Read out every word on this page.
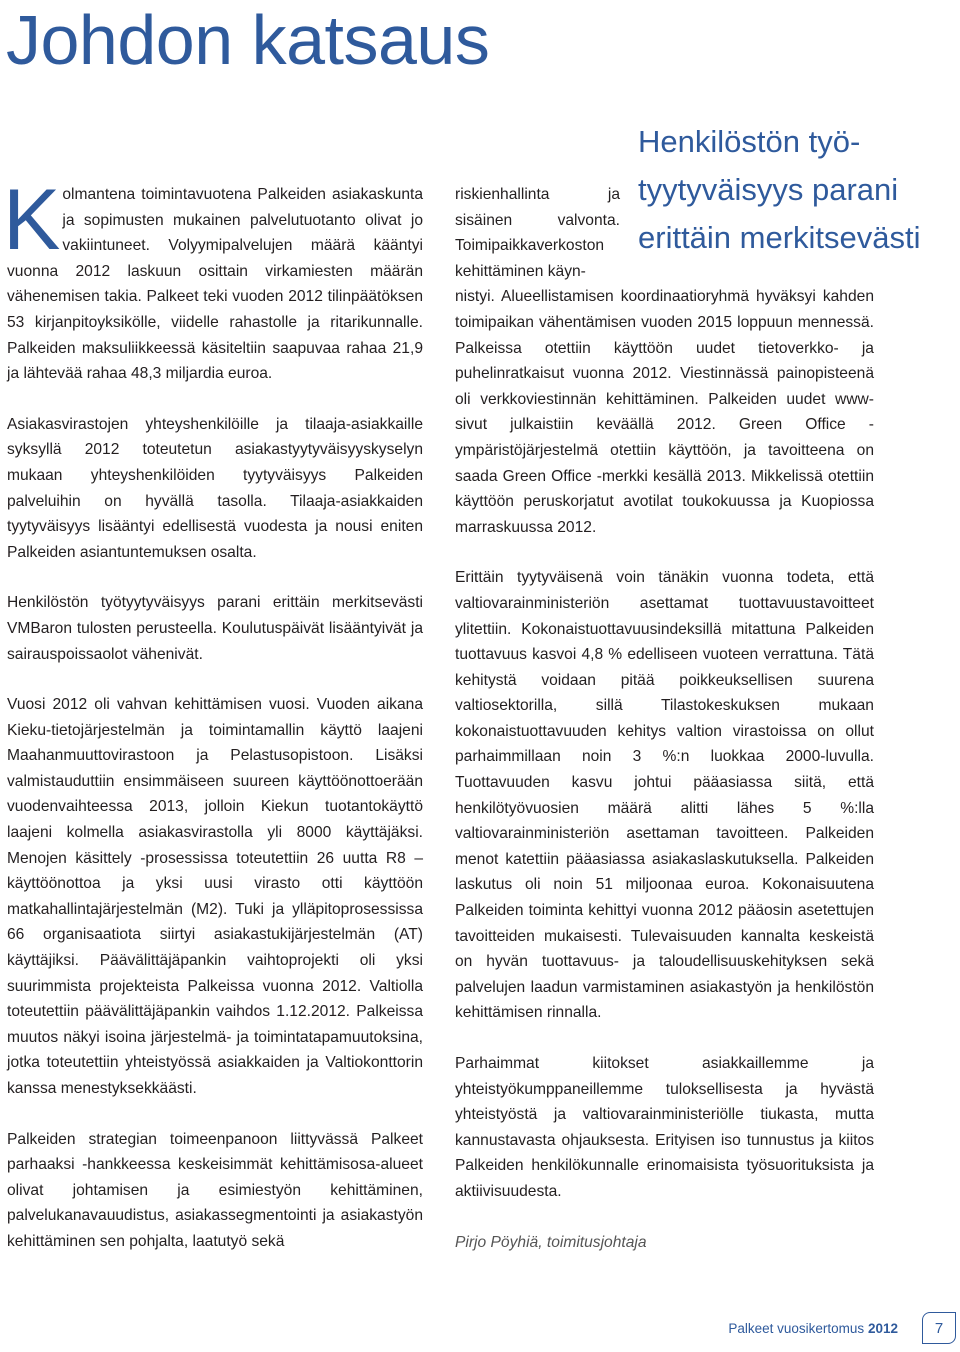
Johdon katsaus
Henkilöstön työ-
tyytyväisyys parani
erittäin merkitsevästi

Kolmantena toimintavuotena Palkeiden asiakaskunta ja sopimusten mukainen palvelutuotanto olivat jo vakiintuneet. Volyymipalvelujen määrä kääntyi vuonna 2012 laskuun osittain virkamiesten määrän vähenemisen takia. Palkeet teki vuoden 2012 tilinpäätöksen 53 kirjanpitoyksikölle, viidelle rahastolle ja ritarikunnalle. Palkeiden maksuliikkeessä käsiteltiin saapuvaa rahaa 21,9 ja lähtevää rahaa 48,3 miljardia euroa.

Asiakasvirastojen yhteyshenkilöille ja tilaaja-asiakkaille syksyllä 2012 toteutetun asiakastyytyväisyyskyselyn mukaan yhteyshenkilöiden tyytyväisyys Palkeiden palveluihin on hyvällä tasolla. Tilaaja-asiakkaiden tyytyväisyys lisääntyi edellisestä vuodesta ja nousi eniten Palkeiden asiantuntemuksen osalta.

Henkilöstön työtyytyväisyys parani erittäin merkitsevästi VMBaron tulosten perusteella. Koulutuspäivät lisääntyivät ja sairauspoissaolot vähenivät.

Vuosi 2012 oli vahvan kehittämisen vuosi. Vuoden aikana Kieku-tietojärjestelmän ja toimintamallin käyttö laajeni Maahanmuuttovirastoon ja Pelastusopistoon. Lisäksi valmistauduttiin ensimmäiseen suureen käyttöönottoerään vuodenvaihteessa 2013, jolloin Kiekun tuotantokäyttö laajeni kolmella asiakasvirastolla yli 8000 käyttäjäksi. Menojen käsittely -prosessissa toteutettiin 26 uutta R8 –käyttöönottoa ja yksi uusi virasto otti käyttöön matkahallintajärjestelmän (M2). Tuki ja ylläpitoprosessissa 66 organisaatiota siirtyi asiakastukijärjestelmän (AT) käyttäjiksi. Päävälittäjäpankin vaihtoprojekti oli yksi suurimmista projekteista Palkeissa vuonna 2012. Valtiolla toteutettiin päävälittäjäpankin vaihdos 1.12.2012. Palkeissa muutos näkyi isoina järjestelmä- ja toimintatapamuutoksina, jotka toteutettiin yhteistyössä asiakkaiden ja Valtiokonttorin kanssa menestyksekkäästi.

Palkeiden strategian toimeenpanoon liittyvässä Palkeet parhaaksi -hankkeessa keskeisimmät kehittämisosa-alueet olivat johtamisen ja esimiestyön kehittäminen, palvelukanavauudistus, asiakassegmentointi ja asiakastyön kehittäminen sen pohjalta, laatutyö sekä

riskienhallinta ja sisäinen valvonta. Toimipaikkaverkoston kehittäminen käyn-
nistyi. Alueellistamisen koordinaatioryhmä hyväksyi kahden toimipaikan vähentämisen vuoden 2015 loppuun mennessä. Palkeissa otettiin käyttöön uudet tietoverkko- ja puhelinratkaisut vuonna 2012. Viestinnässä painopisteenä oli verkkoviestinnän kehittäminen. Palkeiden uudet www-sivut julkaistiin keväällä 2012. Green Office -ympäristöjärjestelmä otettiin käyttöön, ja tavoitteena on saada Green Office -merkki kesällä 2013. Mikkelissä otettiin käyttöön peruskorjatut avotilat toukokuussa ja Kuopiossa marraskuussa 2012.

Erittäin tyytyväisenä voin tänäkin vuonna todeta, että valtiovarainministeriön asettamat tuottavuustavoitteet ylitettiin. Kokonaistuottavuusindeksillä mitattuna Palkeiden tuottavuus kasvoi 4,8 % edelliseen vuoteen verrattuna. Tätä kehitystä voidaan pitää poikkeuksellisen suurena valtiosektorilla, sillä Tilastokeskuksen mukaan kokonaistuottavuuden kehitys valtion virastoissa on ollut parhaimmillaan noin 3 %:n luokkaa 2000-luvulla. Tuottavuuden kasvu johtui pääasiassa siitä, että henkilötyövuosien määrä alitti lähes 5 %:lla valtiovarainministeriön asettaman tavoitteen. Palkeiden menot katettiin pääasiassa asiakaslaskutuksella. Palkeiden laskutus oli noin 51 miljoonaa euroa. Kokonaisuutena Palkeiden toiminta kehittyi vuonna 2012 pääosin asetettujen tavoitteiden mukaisesti. Tulevaisuuden kannalta keskeistä on hyvän tuottavuus- ja taloudellisuuskehityksen sekä palvelujen laadun varmistaminen asiakastyön ja henkilöstön kehittämisen rinnalla.

Parhaimmat kiitokset asiakkaillemme ja yhteistyökumppaneillemme tuloksellisesta ja hyvästä yhteistyöstä ja valtiovarainministeriölle tiukasta, mutta kannustavasta ohjauksesta. Erityisen iso tunnustus ja kiitos Palkeiden henkilökunnalle erinomaisista työsuorituksista ja aktiivisuudesta.

Pirjo Pöyhiä, toimitusjohtaja

Palkeet vuosikertomus 2012	7
